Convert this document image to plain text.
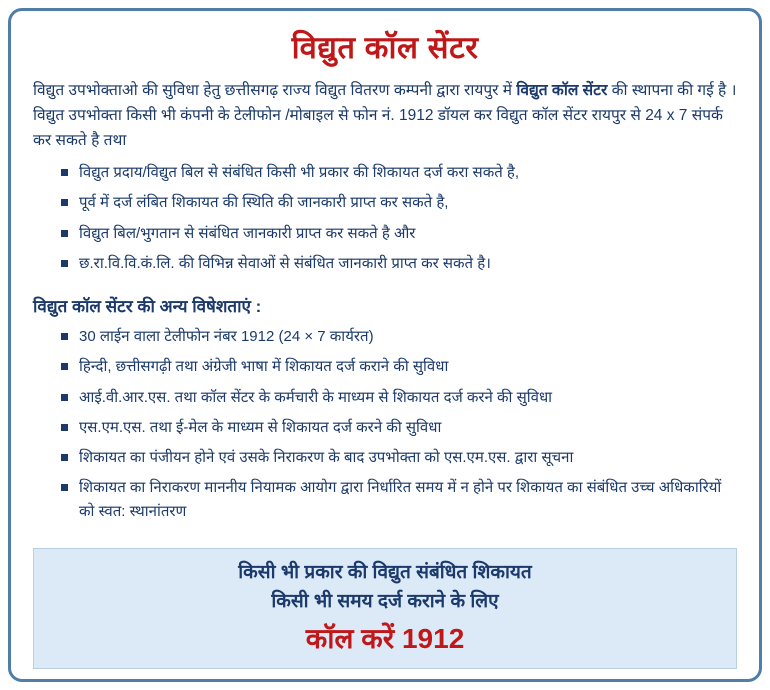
विद्युत कॉल सेंटर

विद्युत उपभोक्ताओ की सुविधा हेतु छत्तीसगढ़ राज्य विद्युत वितरण कम्पनी द्वारा रायपुर में विद्युत कॉल सेंटर की स्थापना की गई है । विद्युत उपभोक्ता किसी भी कंपनी के टेलीफोन /मोबाइल से फोन नं. 1912 डॉयल कर विद्युत कॉल सेंटर रायपुर से 24 x 7 संपर्क कर सकते है तथा

विद्युत प्रदाय/विद्युत बिल से संबंधित किसी भी प्रकार की शिकायत दर्ज करा सकते है,
पूर्व में दर्ज लंबित शिकायत की स्थिति की जानकारी प्राप्त कर सकते है,
विद्युत बिल/भुगतान से संबंधित जानकारी प्राप्त कर सकते है और
छ.रा.वि.वि.कं.लि. की विभिन्न सेवाओं से संबंधित जानकारी प्राप्त कर सकते है।
विद्युत कॉल सेंटर की अन्य विषेशताएं :
30 लाईन वाला टेलीफोन नंबर 1912 (24 × 7 कार्यरत)
हिन्दी, छत्तीसगढ़ी तथा अंग्रेजी भाषा में शिकायत दर्ज कराने की सुविधा
आई.वी.आर.एस. तथा कॉल सेंटर के कर्मचारी के माध्यम से शिकायत दर्ज करने की सुविधा
एस.एम.एस. तथा ई-मेल के माध्यम से शिकायत दर्ज करने की सुविधा
शिकायत का पंजीयन होने एवं उसके निराकरण के बाद उपभोक्ता को एस.एम.एस. द्वारा सूचना
शिकायत का निराकरण माननीय नियामक आयोग द्वारा निर्धारित समय में न होने पर शिकायत का संबंधित उच्च अधिकारियों को स्वत: स्थानांतरण
किसी भी प्रकार की विद्युत संबंधित शिकायत
किसी भी समय दर्ज कराने के लिए
कॉल करें 1912
